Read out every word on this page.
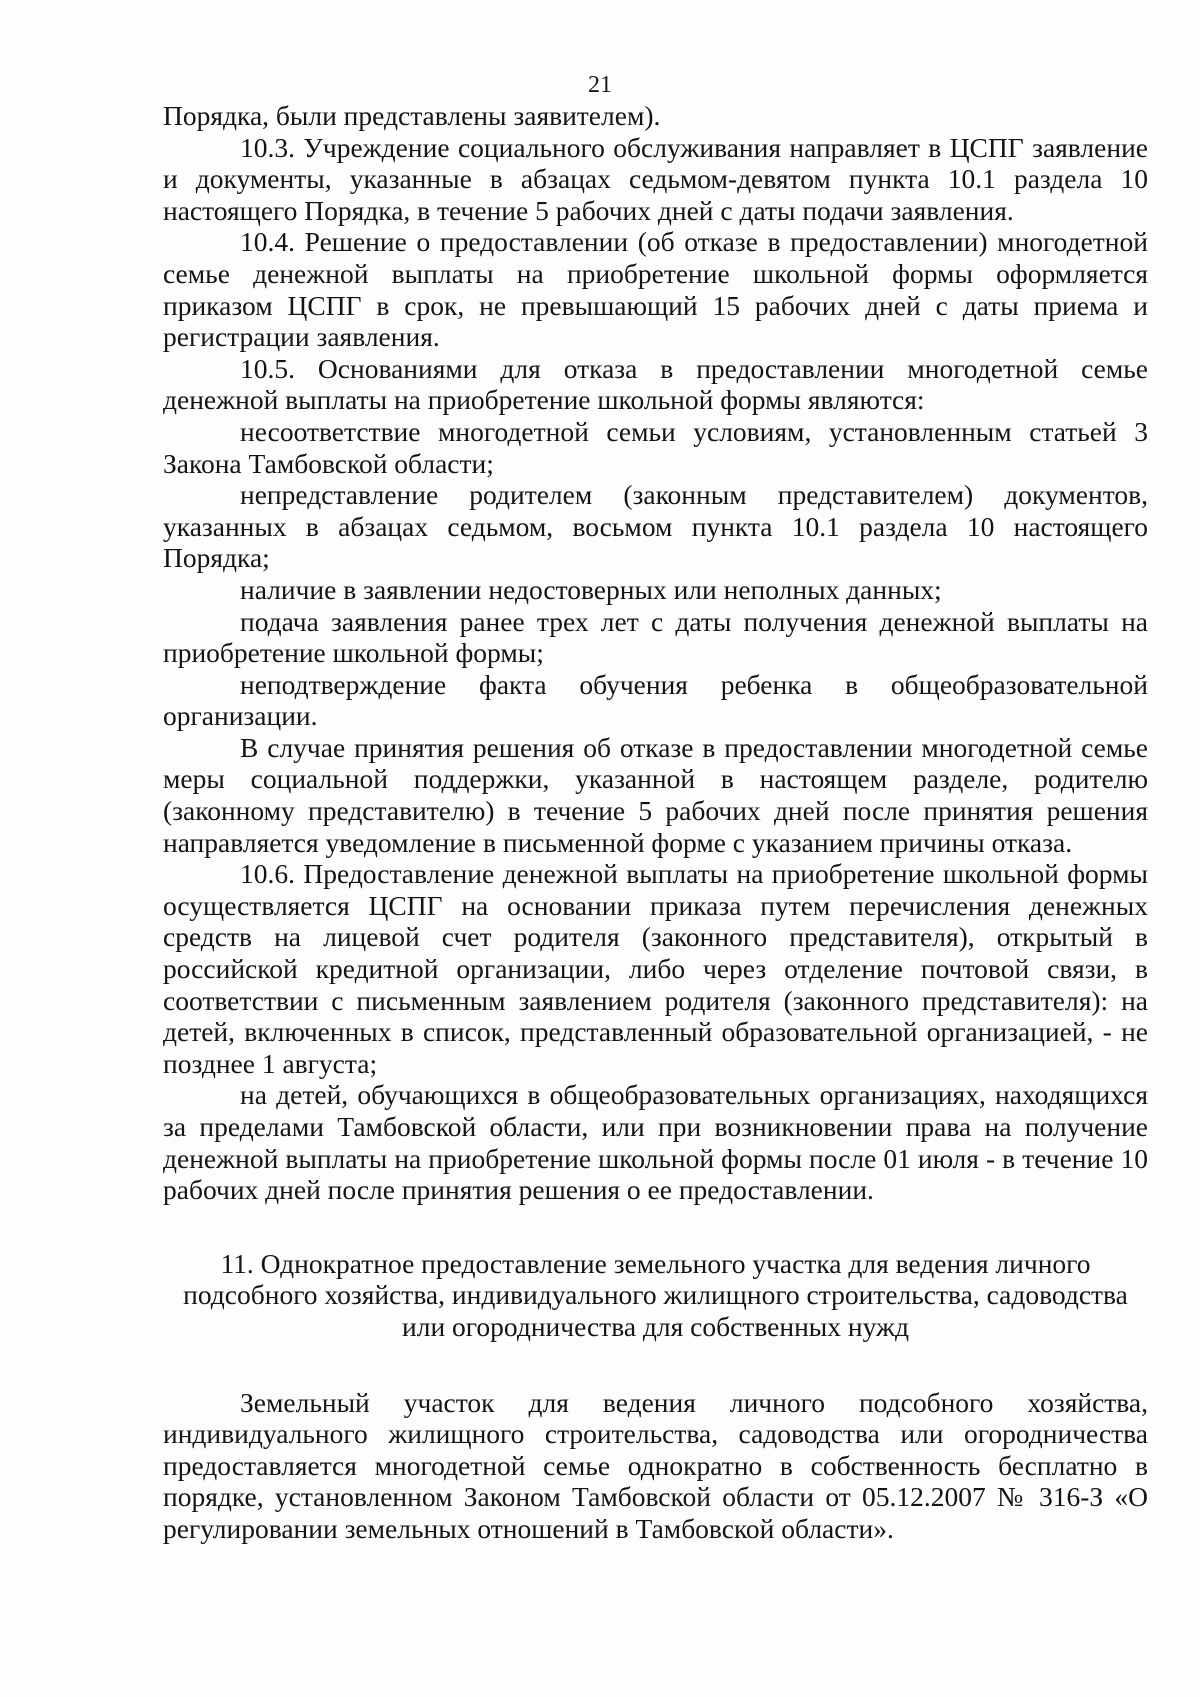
21

Порядка, были представлены заявителем).

10.3. Учреждение социального обслуживания направляет в ЦСПГ заявление и документы, указанные в абзацах седьмом-девятом пункта 10.1 раздела 10 настоящего Порядка, в течение 5 рабочих дней с даты подачи заявления.

10.4. Решение о предоставлении (об отказе в предоставлении) многодетной семье денежной выплаты на приобретение школьной формы оформляется приказом ЦСПГ в срок, не превышающий 15 рабочих дней с даты приема и регистрации заявления.

10.5. Основаниями для отказа в предоставлении многодетной семье денежной выплаты на приобретение школьной формы являются:

несоответствие многодетной семьи условиям, установленным статьей 3 Закона Тамбовской области;

непредставление родителем (законным представителем) документов, указанных в абзацах седьмом, восьмом пункта 10.1 раздела 10 настоящего Порядка;

наличие в заявлении недостоверных или неполных данных;

подача заявления ранее трех лет с даты получения денежной выплаты на приобретение школьной формы;

неподтверждение факта обучения ребенка в общеобразовательной организации.

В случае принятия решения об отказе в предоставлении многодетной семье меры социальной поддержки, указанной в настоящем разделе, родителю (законному представителю) в течение 5 рабочих дней после принятия решения направляется уведомление в письменной форме с указанием причины отказа.

10.6. Предоставление денежной выплаты на приобретение школьной формы осуществляется ЦСПГ на основании приказа путем перечисления денежных средств на лицевой счет родителя (законного представителя), открытый в российской кредитной организации, либо через отделение почтовой связи, в соответствии с письменным заявлением родителя (законного представителя): на детей, включенных в список, представленный образовательной организацией, - не позднее 1 августа;

на детей, обучающихся в общеобразовательных организациях, находящихся за пределами Тамбовской области, или при возникновении права на получение денежной выплаты на приобретение школьной формы после 01 июля - в течение 10 рабочих дней после принятия решения о ее предоставлении.

11. Однократное предоставление земельного участка для ведения личного подсобного хозяйства, индивидуального жилищного строительства, садоводства или огородничества для собственных нужд

Земельный участок для ведения личного подсобного хозяйства, индивидуального жилищного строительства, садоводства или огородничества предоставляется многодетной семье однократно в собственность бесплатно в порядке, установленном Законом Тамбовской области от 05.12.2007 № 316-З «О регулировании земельных отношений в Тамбовской области».
